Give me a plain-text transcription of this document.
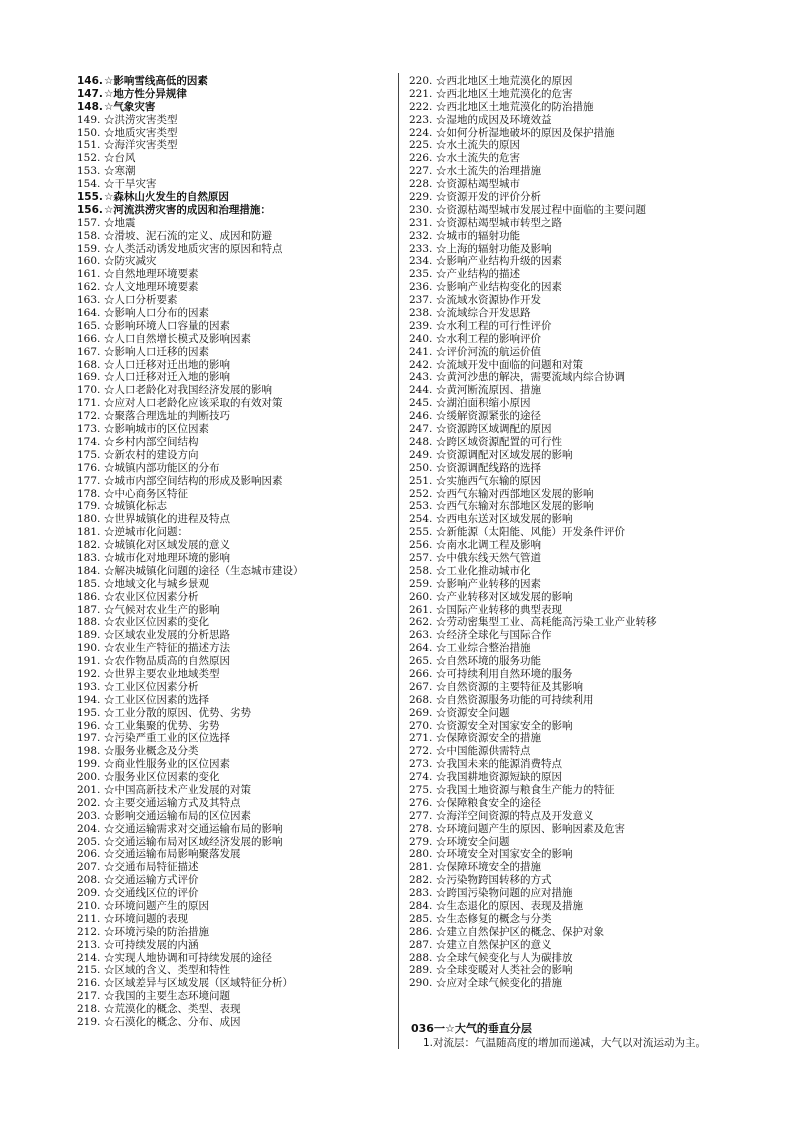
146.☆影响雪线高低的因素
147.☆地方性分异规律
148.☆气象灾害
149. ☆洪涝灾害类型
150. ☆地质灾害类型
151. ☆海洋灾害类型
152. ☆台风
153. ☆寒潮
154. ☆干旱灾害
155.☆森林山火发生的自然原因
156.☆河流洪涝灾害的成因和治理措施：
157. ☆地震
158. ☆滑坡、泥石流的定义、成因和防避
159. ☆人类活动诱发地质灾害的原因和特点
160. ☆防灾减灾
161. ☆自然地理环境要素
162. ☆人文地理环境要素
163. ☆人口分析要素
164. ☆影响人口分布的因素
165. ☆影响环境人口容量的因素
166. ☆人口自然增长模式及影响因素
167. ☆影响人口迁移的因素
168. ☆人口迁移对迁出地的影响
169. ☆人口迁移对迁入地的影响
170. ☆人口老龄化对我国经济发展的影响
171. ☆应对人口老龄化应该采取的有效对策
172. ☆聚落合理选址的判断技巧
173. ☆影响城市的区位因素
174. ☆乡村内部空间结构
175. ☆新农村的建设方向
176. ☆城镇内部功能区的分布
177. ☆城市内部空间结构的形成及影响因素
178. ☆中心商务区特征
179. ☆城镇化标志
180. ☆世界城镇化的进程及特点
181. ☆逆城市化问题：
182. ☆城镇化对区域发展的意义
183. ☆城市化对地理环境的影响
184. ☆解决城镇化问题的途径（生态城市建设）
185. ☆地域文化与城乡景观
186. ☆农业区位因素分析
187. ☆气候对农业生产的影响
188. ☆农业区位因素的变化
189. ☆区域农业发展的分析思路
190. ☆农业生产特征的描述方法
191. ☆农作物品质高的自然原因
192. ☆世界主要农业地域类型
193. ☆工业区位因素分析
194. ☆工业区位因素的选择
195. ☆工业分散的原因、优势、劣势
196. ☆工业集聚的优势、劣势
197. ☆污染严重工业的区位选择
198. ☆服务业概念及分类
199. ☆商业性服务业的区位因素
200. ☆服务业区位因素的变化
201. ☆中国高新技术产业发展的对策
202. ☆主要交通运输方式及其特点
203. ☆影响交通运输布局的区位因素
204. ☆交通运输需求对交通运输布局的影响
205. ☆交通运输布局对区域经济发展的影响
206. ☆交通运输布局影响聚落发展
207. ☆交通布局特征描述
208. ☆交通运输方式评价
209. ☆交通线区位的评价
210. ☆环境问题产生的原因
211. ☆环境问题的表现
212. ☆环境污染的防治措施
213. ☆可持续发展的内涵
214. ☆实现人地协调和可持续发展的途径
215. ☆区域的含义、类型和特性
216. ☆区域差异与区域发展（区域特征分析）
217. ☆我国的主要生态环境问题
218. ☆荒漠化的概念、类型、表现
219. ☆石漠化的概念、分布、成因
220. ☆西北地区土地荒漠化的原因
221. ☆西北地区土地荒漠化的危害
222. ☆西北地区土地荒漠化的防治措施
223. ☆湿地的成因及环境效益
224. ☆如何分析湿地破坏的原因及保护措施
225. ☆水土流失的原因
226. ☆水土流失的危害
227. ☆水土流失的治理措施
228. ☆资源枯竭型城市
229. ☆资源开发的评价分析
230. ☆资源枯竭型城市发展过程中面临的主要问题
231. ☆资源枯竭型城市转型之路
232. ☆城市的辐射功能
233. ☆上海的辐射功能及影响
234. ☆影响产业结构升级的因素
235. ☆产业结构的描述
236. ☆影响产业结构变化的因素
237. ☆流域水资源协作开发
238. ☆流域综合开发思路
239. ☆水利工程的可行性评价
240. ☆水利工程的影响评价
241. ☆评价河流的航运价值
242. ☆流域开发中面临的问题和对策
243. ☆黄河沙患的解决，需要流域内综合协调
244. ☆黄河断流原因、措施
245. ☆湖泊面积缩小原因
246. ☆缓解资源紧张的途径
247. ☆资源跨区域调配的原因
248. ☆跨区域资源配置的可行性
249. ☆资源调配对区域发展的影响
250. ☆资源调配线路的选择
251. ☆实施西气东输的原因
252. ☆西气东输对西部地区发展的影响
253. ☆西气东输对东部地区发展的影响
254. ☆西电东送对区域发展的影响
255. ☆新能源（太阳能、风能）开发条件评价
256. ☆南水北调工程及影响
257. ☆中俄东线天然气管道
258. ☆工业化推动城市化
259. ☆影响产业转移的因素
260. ☆产业转移对区域发展的影响
261. ☆国际产业转移的典型表现
262. ☆劳动密集型工业、高耗能高污染工业产业转移
263. ☆经济全球化与国际合作
264. ☆工业综合整治措施
265. ☆自然环境的服务功能
266. ☆可持续利用自然环境的服务
267. ☆自然资源的主要特征及其影响
268. ☆自然资源服务功能的可持续利用
269. ☆资源安全问题
270. ☆资源安全对国家安全的影响
271. ☆保障资源安全的措施
272. ☆中国能源供需特点
273. ☆我国未来的能源消费特点
274. ☆我国耕地资源短缺的原因
275. ☆我国土地资源与粮食生产能力的特征
276. ☆保障粮食安全的途径
277. ☆海洋空间资源的特点及开发意义
278. ☆环境问题产生的原因、影响因素及危害
279. ☆环境安全问题
280. ☆环境安全对国家安全的影响
281. ☆保障环境安全的措施
282. ☆污染物跨国转移的方式
283. ☆跨国污染物问题的应对措施
284. ☆生态退化的原因、表现及措施
285. ☆生态修复的概念与分类
286. ☆建立自然保护区的概念、保护对象
287. ☆建立自然保护区的意义
288. ☆全球气候变化与人为碳排放
289. ☆全球变暖对人类社会的影响
290. ☆应对全球气候变化的措施
036一☆大气的垂直分层
1.对流层：气温随高度的增加而递减，大气以对流运动为主。
